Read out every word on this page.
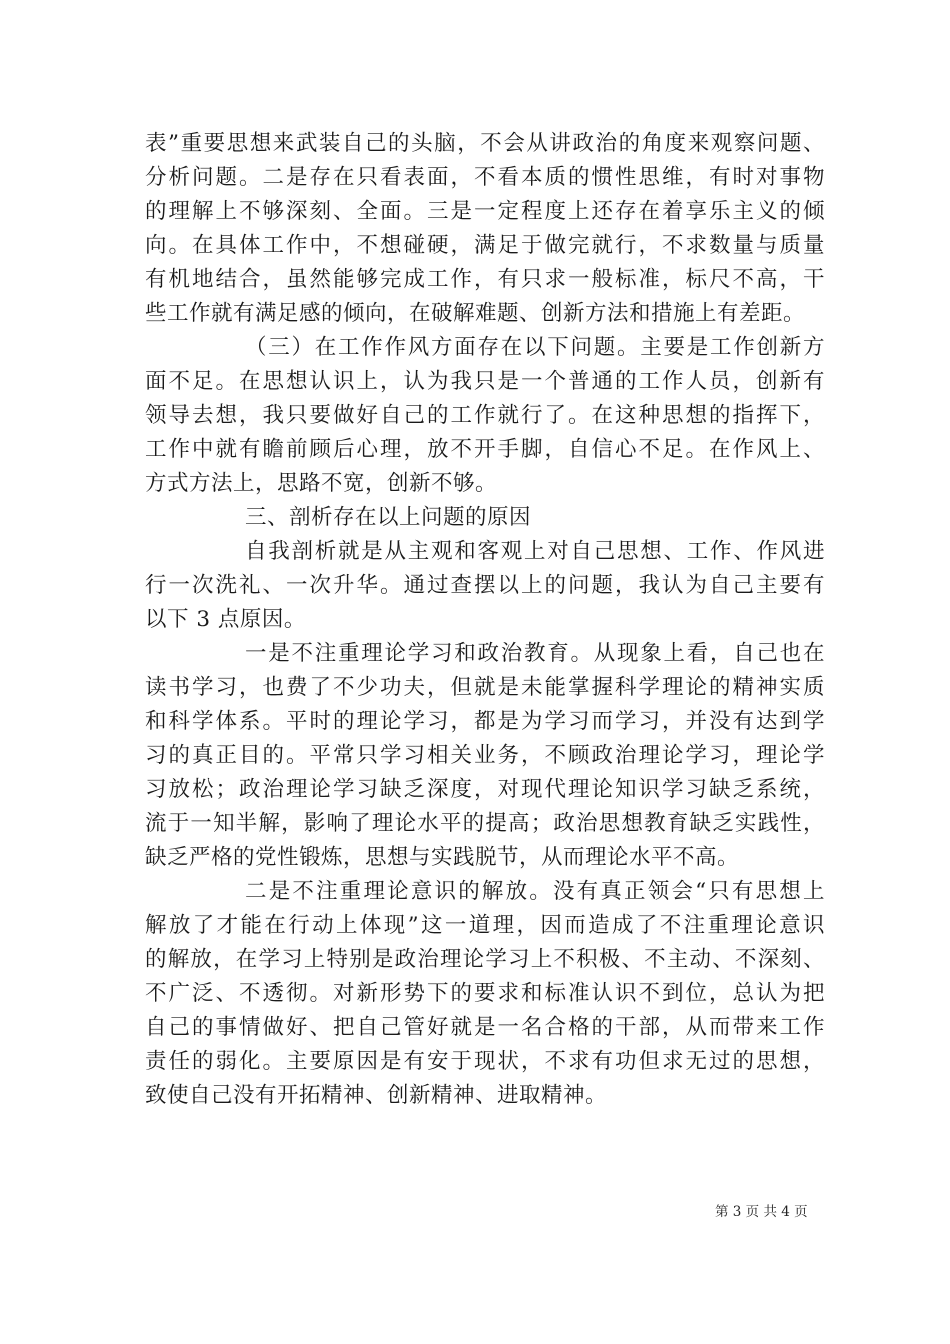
表”重要思想来武装自己的头脑，不会从讲政治的角度来观察问题、
分析问题。二是存在只看表面，不看本质的惯性思维，有时对事物
的理解上不够深刻、全面。三是一定程度上还存在着享乐主义的倾
向。在具体工作中，不想碰硬，满足于做完就行，不求数量与质量
有机地结合，虽然能够完成工作，有只求一般标准，标尺不高，干
些工作就有满足感的倾向，在破解难题、创新方法和措施上有差距。
（三）在工作作风方面存在以下问题。主要是工作创新方
面不足。在思想认识上，认为我只是一个普通的工作人员，创新有
领导去想，我只要做好自己的工作就行了。在这种思想的指挥下，
工作中就有瞻前顾后心理，放不开手脚，自信心不足。在作风上、
方式方法上，思路不宽，创新不够。
三、剖析存在以上问题的原因
自我剖析就是从主观和客观上对自己思想、工作、作风进
行一次洗礼、一次升华。通过查摆以上的问题，我认为自己主要有
以下 3 点原因。
一是不注重理论学习和政治教育。从现象上看，自己也在
读书学习，也费了不少功夫，但就是未能掌握科学理论的精神实质
和科学体系。平时的理论学习，都是为学习而学习，并没有达到学
习的真正目的。平常只学习相关业务，不顾政治理论学习，理论学
习放松；政治理论学习缺乏深度，对现代理论知识学习缺乏系统，
流于一知半解，影响了理论水平的提高；政治思想教育缺乏实践性，
缺乏严格的党性锻炼，思想与实践脱节，从而理论水平不高。
二是不注重理论意识的解放。没有真正领会“只有思想上
解放了才能在行动上体现”这一道理，因而造成了不注重理论意识
的解放，在学习上特别是政治理论学习上不积极、不主动、不深刻、
不广泛、不透彻。对新形势下的要求和标准认识不到位，总认为把
自己的事情做好、把自己管好就是一名合格的干部，从而带来工作
责任的弱化。主要原因是有安于现状，不求有功但求无过的思想，
致使自己没有开拓精神、创新精神、进取精神。
第 3 页 共 4 页
